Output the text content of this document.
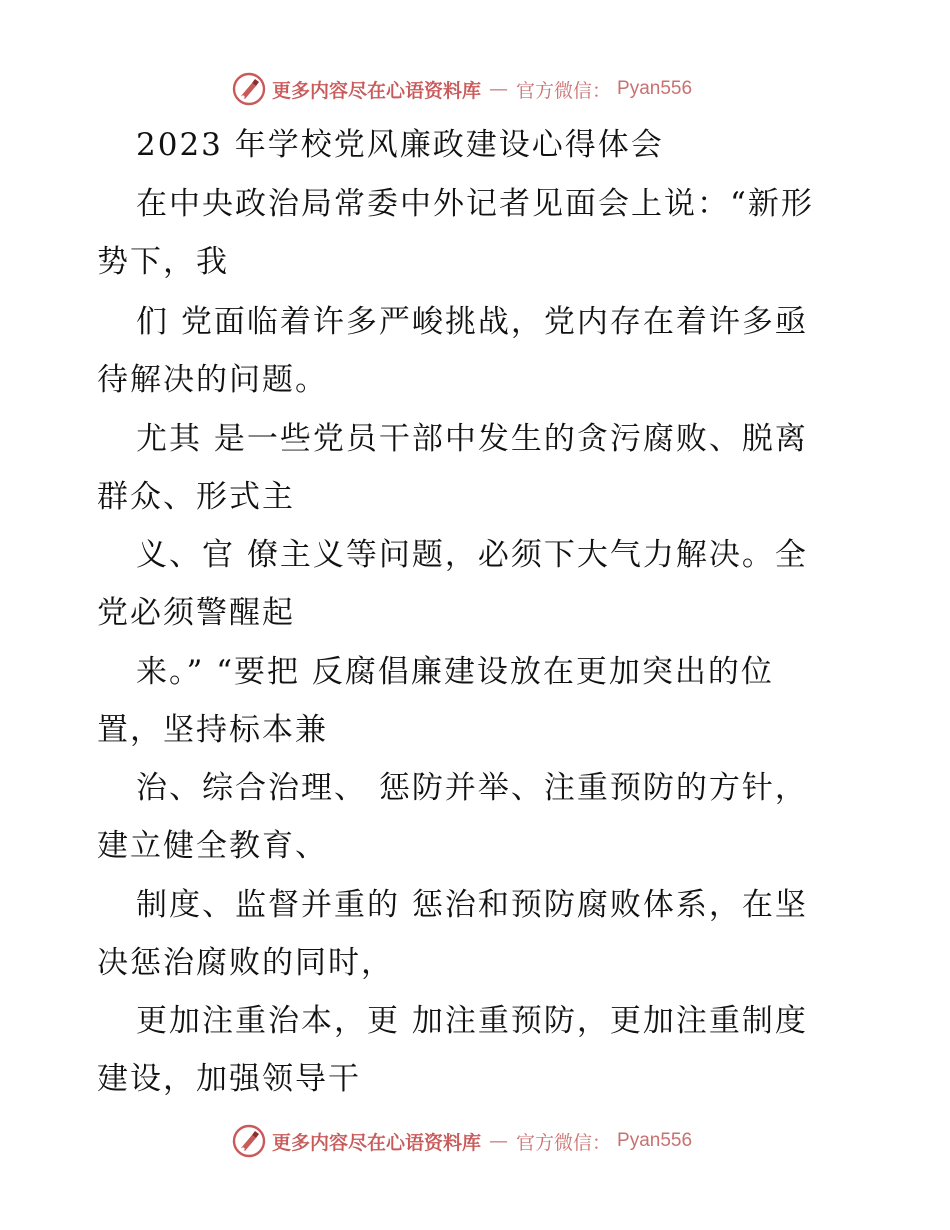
更多内容尽在心语资料库 — 官方微信： Pyan556
2023 年学校党风廉政建设心得体会
在中央政治局常委中外记者见面会上说：“新形
势下，我
们 党面临着许多严峻挑战，党内存在着许多亟
待解决的问题。
尤其 是一些党员干部中发生的贪污腐败、脱离
群众、形式主
义、官 僚主义等问题，必须下大气力解决。全
党必须警醒起
来。” “要把 反腐倡廉建设放在更加突出的位
置，坚持标本兼
治、综合治理、 惩防并举、注重预防的方针，
建立健全教育、
制度、监督并重的 惩治和预防腐败体系，在坚
决惩治腐败的同时，
更加注重治本，更 加注重预防，更加注重制度
建设，加强领导干
更多内容尽在心语资料库 — 官方微信： Pyan556
